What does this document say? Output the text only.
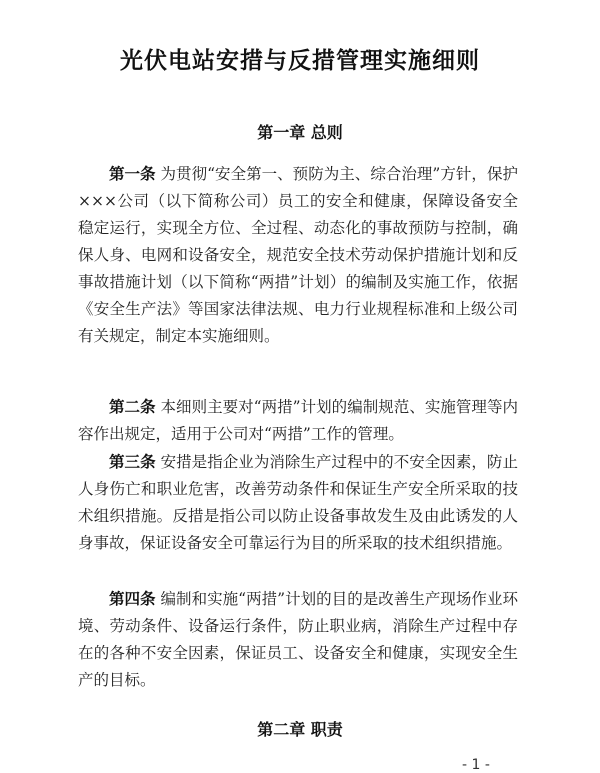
光伏电站安措与反措管理实施细则
第一章 总则

第一条 为贯彻“安全第一、预防为主、综合治理”方针，保护×××公司（以下简称公司）员工的安全和健康，保障设备安全稳定运行，实现全方位、全过程、动态化的事故预防与控制，确保人身、电网和设备安全，规范安全技术劳动保护措施计划和反事故措施计划（以下简称“两措”计划）的编制及实施工作，依据《安全生产法》等国家法律法规、电力行业规程标准和上级公司有关规定，制定本实施细则。

第二条 本细则主要对“两措”计划的编制规范、实施管理等内容作出规定，适用于公司对“两措”工作的管理。

第三条 安措是指企业为消除生产过程中的不安全因素，防止人身伤亡和职业危害，改善劳动条件和保证生产安全所采取的技术组织措施。反措是指公司以防止设备事故发生及由此诱发的人身事故，保证设备安全可靠运行为目的所采取的技术组织措施。

第四条 编制和实施“两措”计划的目的是改善生产现场作业环境、劳动条件、设备运行条件，防止职业病，消除生产过程中存在的各种不安全因素，保证员工、设备安全和健康，实现安全生产的目标。

第二章 职责
- 1 -
